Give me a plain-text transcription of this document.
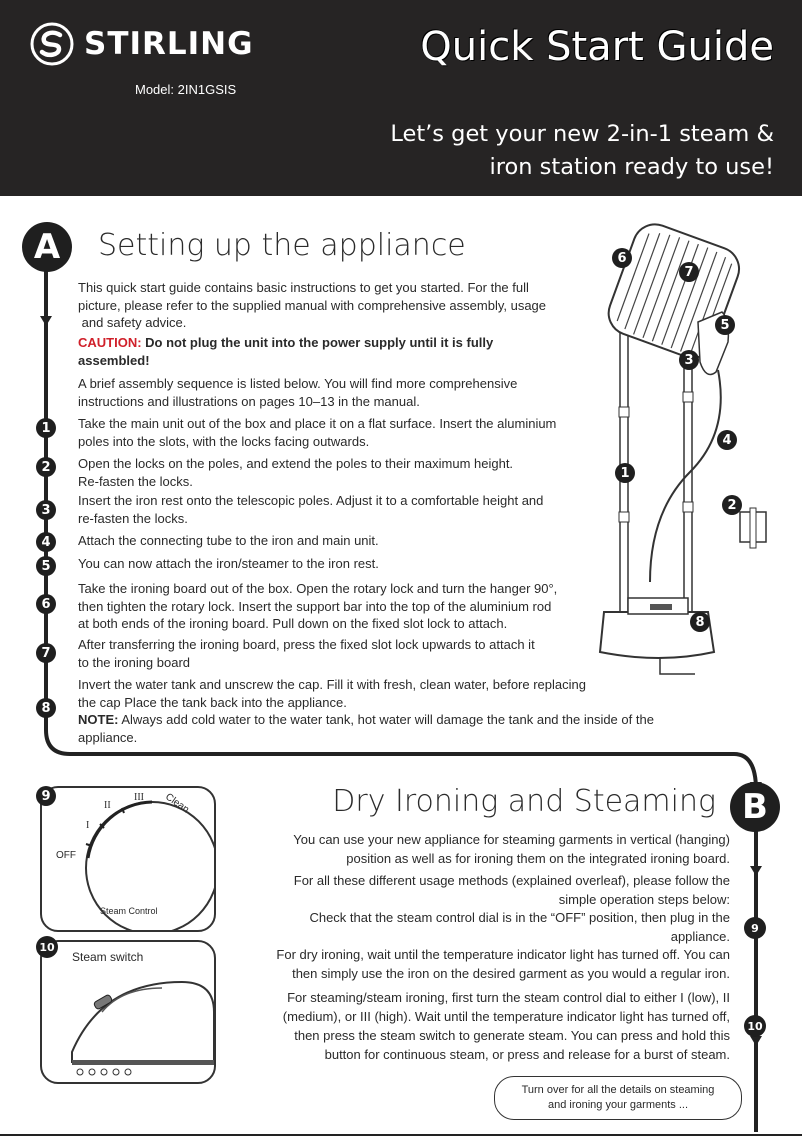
STIRLING
Model: 2IN1GSIS
Quick Start Guide
Let’s get your new 2-in-1 steam &
iron station ready to use!
A	Setting up the appliance
This quick start guide contains basic instructions to get you started. For the full
picture, please refer to the supplied manual with comprehensive assembly, usage
and safety advice.
CAUTION: Do not plug the unit into the power supply until it is fully
assembled!
A brief assembly sequence is listed below. You will find more comprehensive
instructions and illustrations on pages 10–13 in the manual.
1	Take the main unit out of the box and place it on a flat surface. Insert the aluminium
poles into the slots, with the locks facing outwards.
2	Open the locks on the poles, and extend the poles to their maximum height.
Re-fasten the locks.
3
Insert the iron rest onto the telescopic poles. Adjust it to a comfortable height and
re-fasten the locks.
4	Attach the connecting tube to the iron and main unit.
5	You can now attach the iron/steamer to the iron rest.
6
Take the ironing board out of the box. Open the rotary lock and turn the hanger 90°,
then tighten the rotary lock. Insert the support bar into the top of the aluminium rod
at both ends of the ironing board. Pull down on the fixed slot lock to attach.
7
After transferring the ironing board, press the fixed slot lock upwards to attach it
to the ironing board
8
Invert the water tank and unscrew the cap. Fill it with fresh, clean water, before replacing
the cap Place the tank back into the appliance.
NOTE: Always add cold water to the water tank, hot water will damage the tank and the inside of the
appliance.
6
7
5
3
4
1
2
8
B
Dry Ironing and Steaming
You can use your new appliance for steaming garments in vertical (hanging)
position as well as for ironing them on the integrated ironing board.
For all these different usage methods (explained overleaf), please follow the
simple operation steps below:
Check that the steam control dial is in the “OFF” position, then plug in the
appliance.
For dry ironing, wait until the temperature indicator light has turned off. You can
then simply use the iron on the desired garment as you would a regular iron.
For steaming/steam ironing, first turn the steam control dial to either I (low), II
(medium), or III (high). Wait until the temperature indicator light has turned off,
then press the steam switch to generate steam. You can press and hold this
button for continuous steam, or press and release for a burst of steam.
9
10
OFF
I
II
III Clean
Steam Control
9
Steam switch
10
Turn over for all the details on steaming
and ironing your garments ...
